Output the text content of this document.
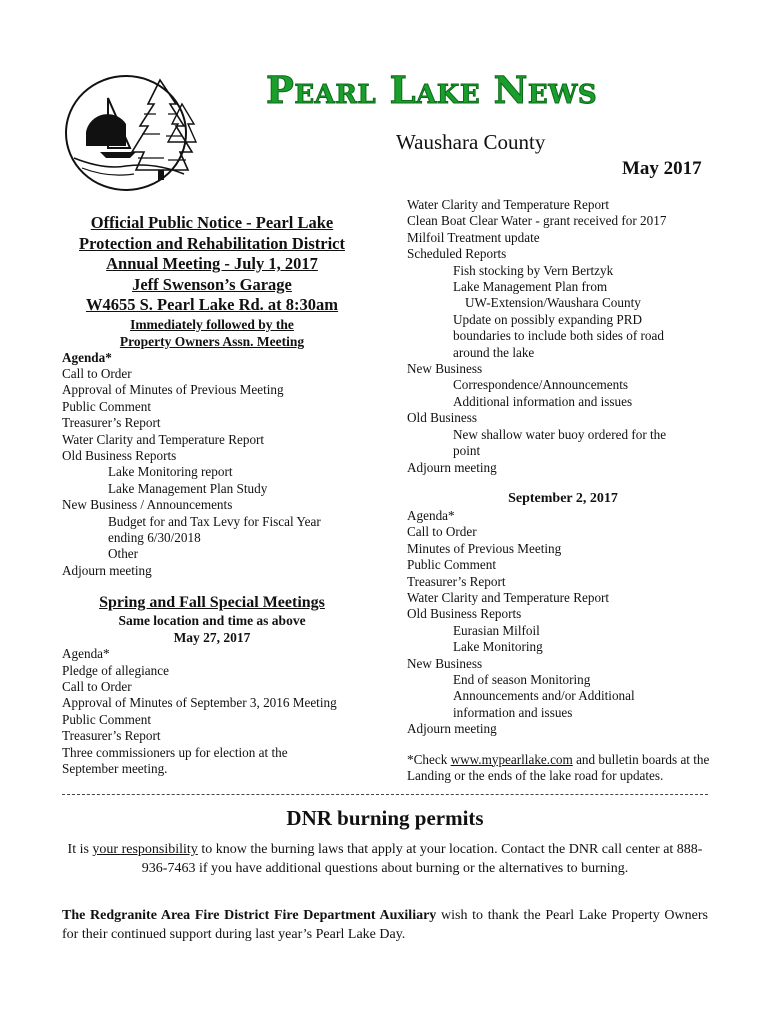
Pearl Lake News
Waushara County
May 2017
Official Public Notice - Pearl Lake
Protection and Rehabilitation District
Annual Meeting - July 1, 2017
Jeff Swenson’s Garage
W4655 S. Pearl Lake Rd. at 8:30am
Immediately followed by the
Property Owners Assn. Meeting
Agenda*
Call to Order
Approval of Minutes of Previous Meeting
Public Comment
Treasurer’s Report
Water Clarity and Temperature Report
Old Business Reports
Lake Monitoring report
Lake Management Plan Study
New Business / Announcements
Budget for and Tax Levy for Fiscal Year
ending 6/30/2018
Other
Adjourn meeting
Spring and Fall Special Meetings
Same location and time as above
May 27, 2017
Agenda*
Pledge of allegiance
Call to Order
Approval of Minutes of September 3, 2016 Meeting
Public Comment
Treasurer’s Report
Three commissioners up for election at the
September meeting.
Water Clarity and Temperature Report
Clean Boat Clear Water - grant received for 2017
Milfoil Treatment update
Scheduled Reports
Fish stocking by Vern Bertzyk
Lake Management Plan from
UW-Extension/Waushara County
Update on possibly expanding PRD
boundaries to include both sides of road
around the lake
New Business
Correspondence/Announcements
Additional information and issues
Old Business
New shallow water buoy ordered for the
point
Adjourn meeting
September 2, 2017
Agenda*
Call to Order
Minutes of Previous Meeting
Public Comment
Treasurer’s Report
Water Clarity and Temperature Report
Old Business Reports
Eurasian Milfoil
Lake Monitoring
New Business
End of season Monitoring
Announcements and/or Additional
information and issues
Adjourn meeting
*Check www.mypearllake.com and bulletin boards at the Landing or the ends of the lake road for updates.
DNR burning permits
It is your responsibility to know the burning laws that apply at your location. Contact the DNR call center at 888-936-7463 if you have additional questions about burning or the alternatives to burning.
The Redgranite Area Fire District Fire Department Auxiliary wish to thank the Pearl Lake Property Owners for their continued support during last year’s Pearl Lake Day.
